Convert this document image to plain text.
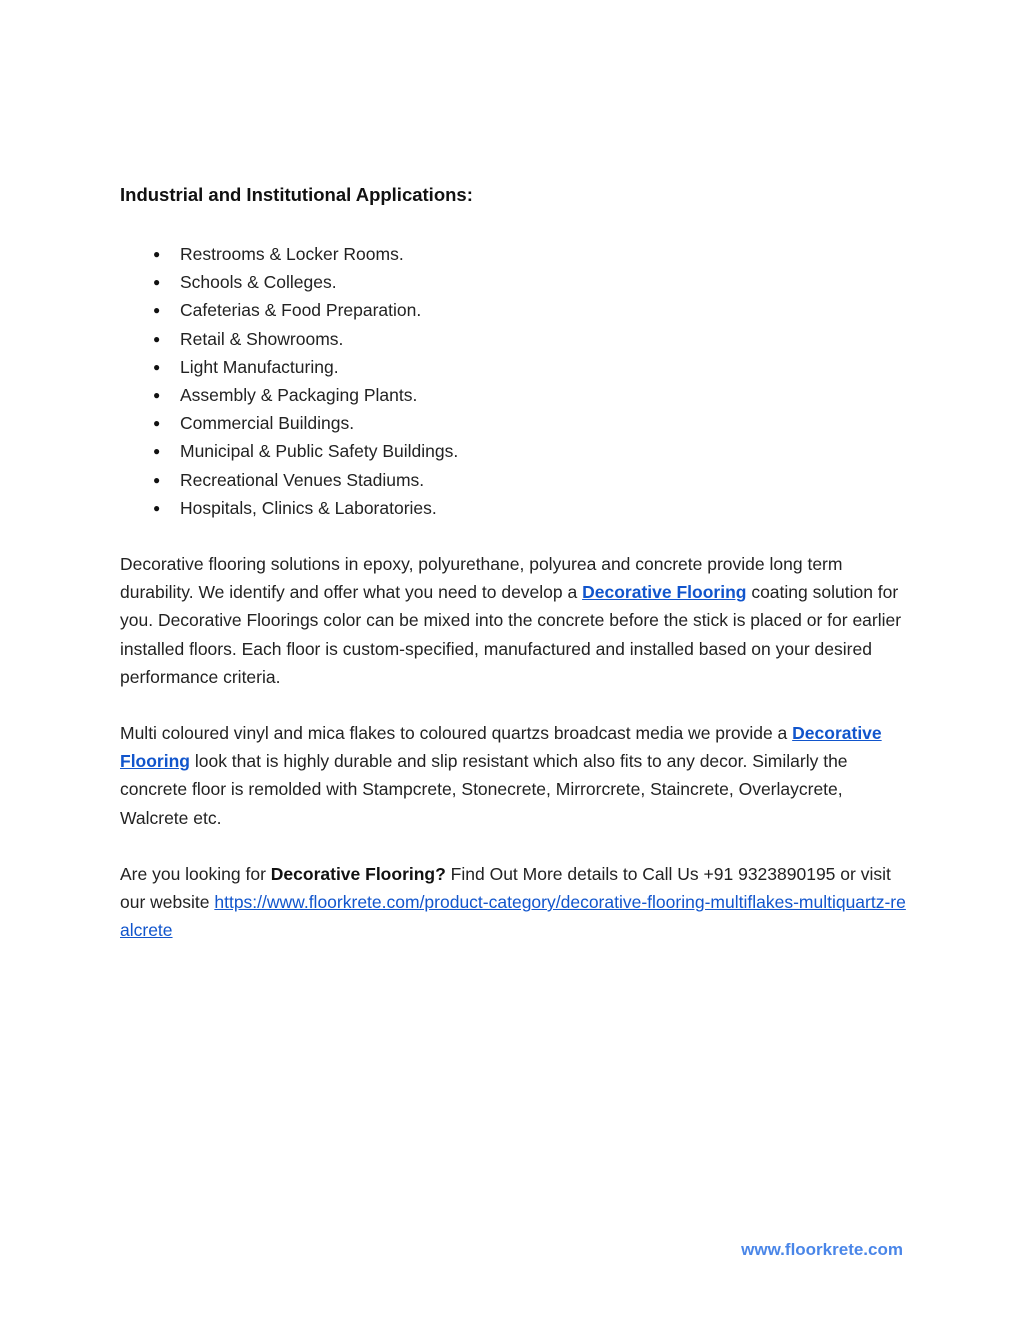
Industrial and Institutional Applications:
● Restrooms & Locker Rooms.
● Schools & Colleges.
● Cafeterias & Food Preparation.
● Retail & Showrooms.
● Light Manufacturing.
● Assembly & Packaging Plants.
● Commercial Buildings.
● Municipal & Public Safety Buildings.
● Recreational Venues Stadiums.
● Hospitals, Clinics & Laboratories.

Decorative flooring solutions in epoxy, polyurethane, polyurea and concrete provide long term durability. We identify and offer what you need to develop a Decorative Flooring coating solution for you. Decorative Floorings color can be mixed into the concrete before the stick is placed or for earlier installed floors. Each floor is custom-specified, manufactured and installed based on your desired performance criteria.

Multi coloured vinyl and mica flakes to coloured quartzs broadcast media we provide a Decorative Flooring look that is highly durable and slip resistant which also fits to any decor. Similarly the concrete floor is remolded with Stampcrete, Stonecrete, Mirrorcrete, Staincrete, Overlaycrete, Walcrete etc.

Are you looking for Decorative Flooring? Find Out More details to Call Us +91 9323890195 or visit our website https://www.floorkrete.com/product-category/decorative-flooring-multiflakes-multiquartz-realcrete

www.floorkrete.com
